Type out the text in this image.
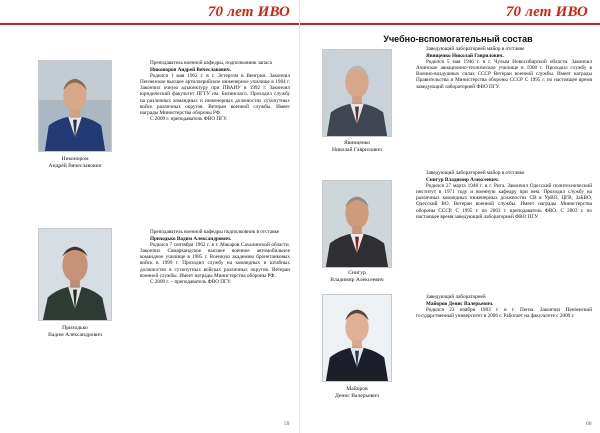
70 лет ИВО
Никонором
Андрей Вячеславович

Преподаватель военной кафедры, подполковник запаса

Никоноров Андрей Вячеславович.

Родился 1 мая 1962 г. в г. Эстергом в Венгрии. Закончил Пензенское высшее артиллерийское инженерное училище в 1984 г. Закончил очную адъюнктуру при ПВАИУ в 1992 г. Закончил юридический факультет ПГТУ им. Белинского. Проходил службу на различных командных и инженерных должностях сухопутных войск различных округов. Ветеран военной службы. Имеет награды Министерства обороны РФ.

С 2009 г. преподаватель ФВО ПГУ.

Приходько
Вадим Александрович

Преподаватель военной кафедры подполковник в отставке

Приходько Вадим Александрович.

Родился 7 сентября 1962 г. в г. Макаров Сахалинской области. Закончил Самаркандское высшее военное автомобильное командное училище в 1985 г. Военную академию бронетанковых войск в 1999 г. Проходил службу на командных и штабных должностях в сухопутных войсках различных округов. Ветеран военной службы. Имеет награды Министерства обороны РФ.

С 2009 г. – преподаватель ФВО ПГУ.

59
70 лет ИВО
Учебно-вспомогательный состав
Явинценко
Николай Гаврилович

Заведующий лабораторией майор в отставке

Явищенко Николай Гаврилович.

Родился 5 мая 1946 г. в г. Чулым Новосибирской области. Закончил Ачинское авиационно-техническое училище в 1968 г. Проходил службу в Военно-воздушных силах СССР Ветеран военной службы. Имеет награды Правительства и Министерства обороны СССР С 1995 г. по настоящее время заведующий лабораторией ФВО ПГУ.

Снигур
Владимир Алексеевич

Заведующий лабораторией майор в отставке

Снигур Владимир Алексеевич.

Родился 27 марта 1948 г. в г. Рига. Закончил Одесский политехнический институт в 1971 году и военную кафедру при нем. Проходил службу на различных командных инженерных должностях СВ в УрВО, ЦГВ, ЗаБВО, Одесский ВО. Ветеран военной службы. Имеет награды Министерства обороны СССР. С 1995 г. по 2003 г. преподаватель ФВО. С 2003 г. по настоящее время заведующий лабораторией ФВО ПГУ.

Майоров
Денис Валерьевич

Заведующий лабораторией

Майоров Денис Валерьевич.

Родился 23 ноября 1983 г. в г. Пенза. Закончил Пензенский государственный университет в 2006 г. Работает на факультете с 2009 г.

60
